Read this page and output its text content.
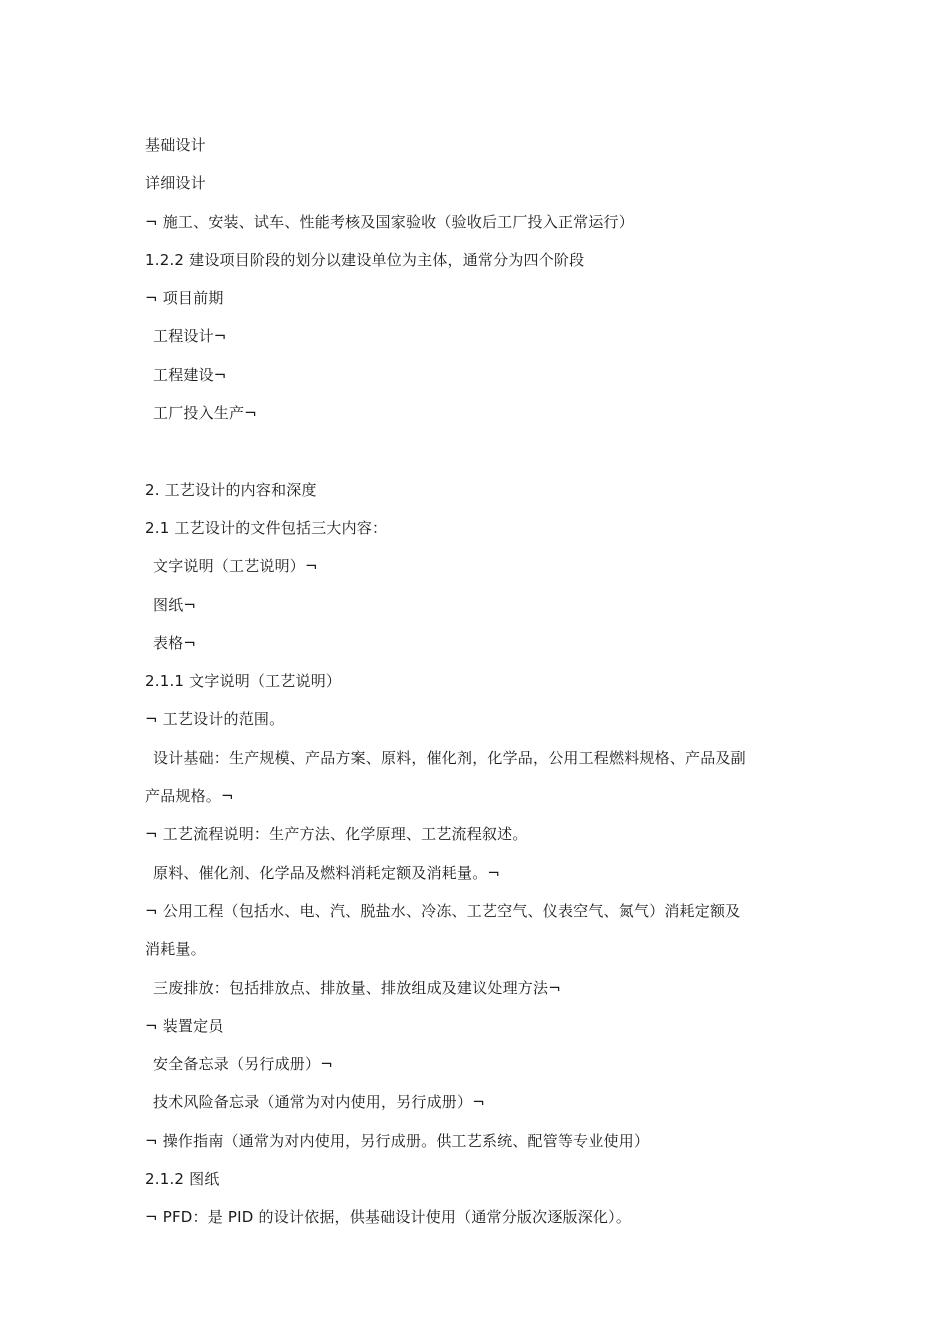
基础设计
详细设计
¬ 施工、安装、试车、性能考核及国家验收（验收后工厂投入正常运行）
1.2.2 建设项目阶段的划分以建设单位为主体，通常分为四个阶段
¬ 项目前期
工程设计¬
工程建设¬
工厂投入生产¬
2. 工艺设计的内容和深度
2.1 工艺设计的文件包括三大内容：
文字说明（工艺说明）¬
图纸¬
表格¬
2.1.1 文字说明（工艺说明）
¬ 工艺设计的范围。
设计基础：生产规模、产品方案、原料，催化剂，化学品，公用工程燃料规格、产品及副
产品规格。¬
¬ 工艺流程说明：生产方法、化学原理、工艺流程叙述。
原料、催化剂、化学品及燃料消耗定额及消耗量。¬
¬ 公用工程（包括水、电、汽、脱盐水、冷冻、工艺空气、仪表空气、氮气）消耗定额及
消耗量。
三废排放：包括排放点、排放量、排放组成及建议处理方法¬
¬ 装置定员
安全备忘录（另行成册）¬
技术风险备忘录（通常为对内使用，另行成册）¬
¬ 操作指南（通常为对内使用，另行成册。供工艺系统、配管等专业使用）
2.1.2 图纸
¬ PFD：是 PID 的设计依据，供基础设计使用（通常分版次逐版深化）。
